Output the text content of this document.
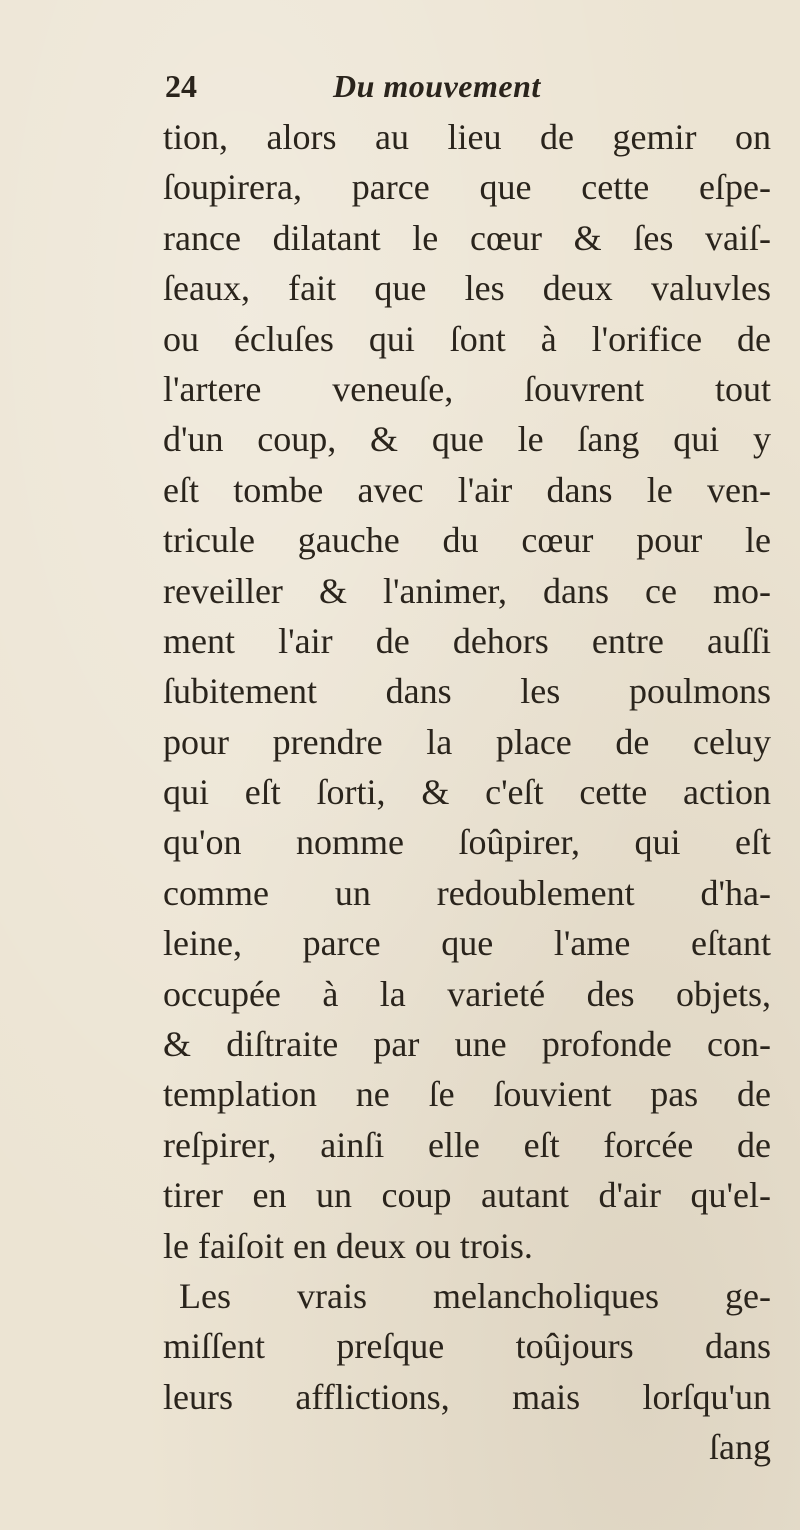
24	Du mouvement
tion, alors au lieu de gemir on
ſoupirera, parce que cette eſpe-
rance dilatant le cœur & ſes vaiſ-
ſeaux, fait que les deux valuvles
ou écluſes qui ſont à l'orifice de
l'artere veneuſe, ſouvrent tout
d'un coup, & que le ſang qui y
eſt tombe avec l'air dans le ven-
tricule gauche du cœur pour le
reveiller & l'animer, dans ce mo-
ment l'air de dehors entre auſſi
ſubitement dans les poulmons
pour prendre la place de celuy
qui eſt ſorti, & c'eſt cette action
qu'on nomme ſoûpirer, qui eſt
comme un redoublement d'ha-
leine, parce que l'ame eſtant
occupée à la varieté des objets,
& diſtraite par une profonde con-
templation ne ſe ſouvient pas de
reſpirer, ainſi elle eſt forcée de
tirer en un coup autant d'air qu'el-
le faiſoit en deux ou trois.
Les vrais melancholiques ge-
miſſent preſque toûjours dans
leurs afflictions, mais lorſqu'un
ſang
